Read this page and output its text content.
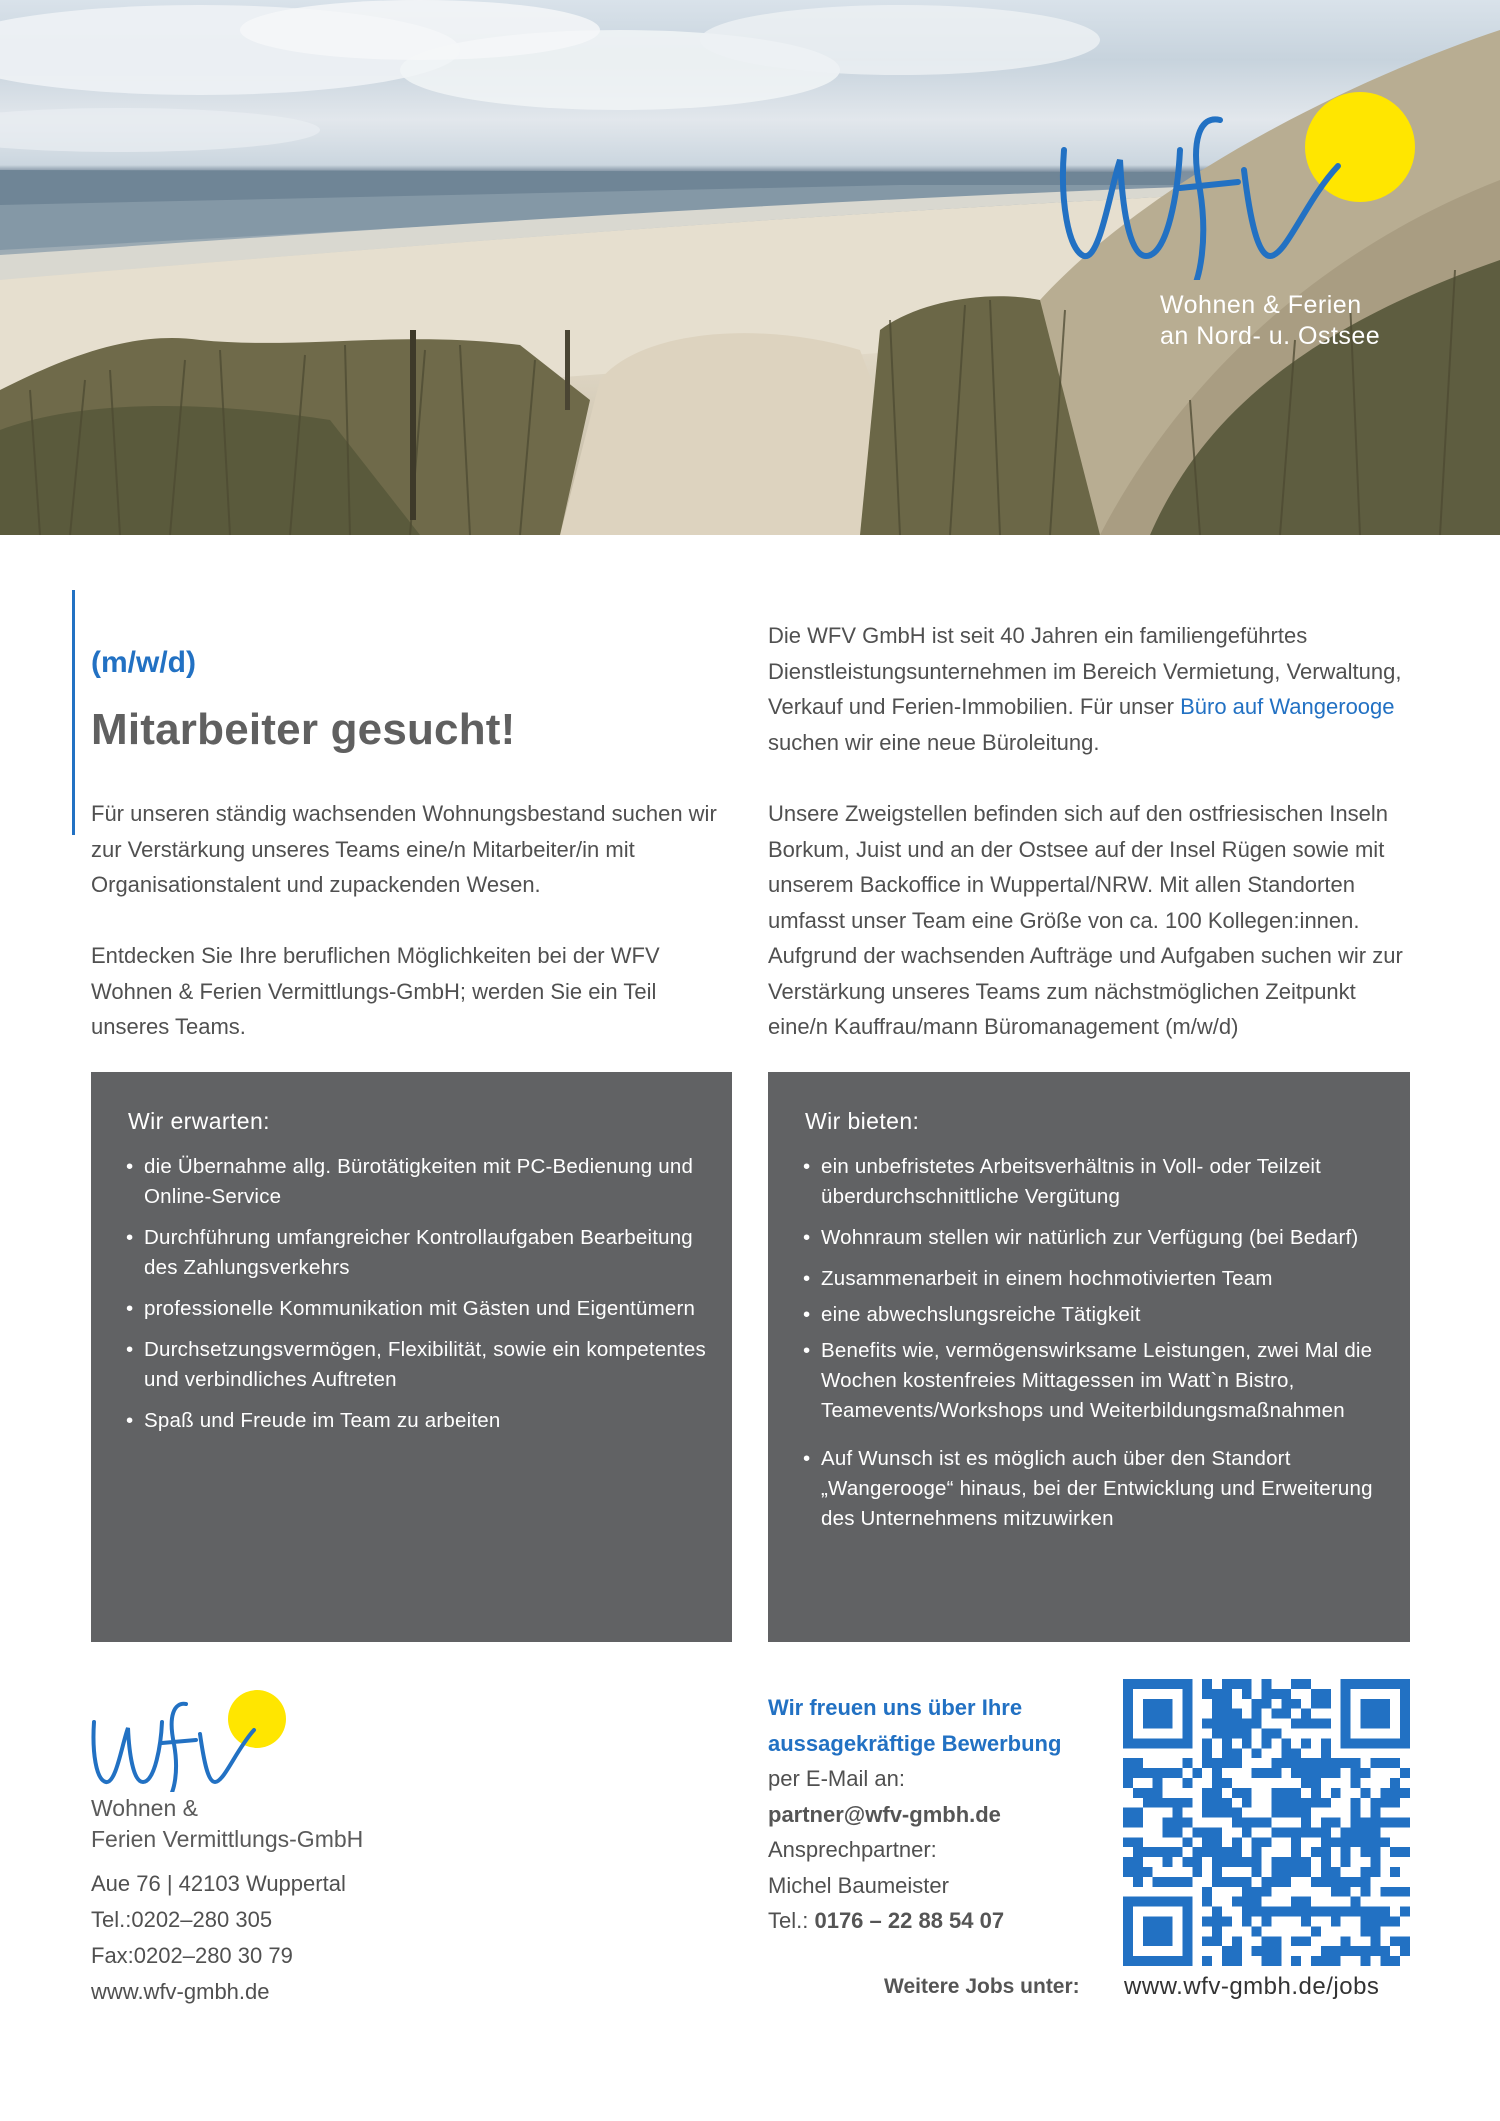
Wohnen & Ferien
an Nord- u. Ostsee
(m/w/d)
Mitarbeiter gesucht!
Für unseren ständig wachsenden Wohnungsbestand suchen wir zur Verstärkung unseres Teams eine/n Mitarbeiter/in mit Organisationstalent und zupackenden Wesen.
Entdecken Sie Ihre beruflichen Möglichkeiten bei der WFV Wohnen & Ferien Vermittlungs-GmbH; werden Sie ein Teil unseres Teams.
Die WFV GmbH ist seit 40 Jahren ein familiengeführtes Dienstleistungsunternehmen im Bereich Vermietung, Verwaltung, Verkauf und Ferien-Immobilien. Für unser Büro auf Wangerooge suchen wir eine neue Büroleitung.
Unsere Zweigstellen befinden sich auf den ostfriesischen Inseln Borkum, Juist und an der Ostsee auf der Insel Rügen sowie mit unserem Backoffice in Wuppertal/NRW. Mit allen Standorten umfasst unser Team eine Größe von ca. 100 Kollegen:innen. Aufgrund der wachsenden Aufträge und Aufgaben suchen wir zur Verstärkung unseres Teams zum nächstmöglichen Zeitpunkt eine/n Kauffrau/mann Büromanagement (m/w/d)
Wir erwarten:
• die Übernahme allg. Bürotätigkeiten mit PC-Bedienung und Online-Service
• Durchführung umfangreicher Kontrollaufgaben Bearbeitung des Zahlungsverkehrs
• professionelle Kommunikation mit Gästen und Eigentümern
• Durchsetzungsvermögen, Flexibilität, sowie ein kompetentes und verbindliches Auftreten
• Spaß und Freude im Team zu arbeiten
Wir bieten:
• ein unbefristetes Arbeitsverhältnis in Voll- oder Teilzeit überdurchschnittliche Vergütung
• Wohnraum stellen wir natürlich zur Verfügung (bei Bedarf)
• Zusammenarbeit in einem hochmotivierten Team
• eine abwechslungsreiche Tätigkeit
• Benefits wie, vermögenswirksame Leistungen, zwei Mal die Wochen kostenfreies Mittagessen im Watt`n Bistro, Teamevents/Workshops und Weiterbildungsmaßnahmen
• Auf Wunsch ist es möglich auch über den Standort „Wangerooge“ hinaus, bei der Entwicklung und Erweiterung des Unternehmens mitzuwirken
Wohnen &
Ferien Vermittlungs-GmbH
Aue 76 | 42103 Wuppertal
Tel.:0202–280 305
Fax:0202–280 30 79
www.wfv-gmbh.de
Wir freuen uns über Ihre
aussagekräftige Bewerbung
per E-Mail an:
partner@wfv-gmbh.de
Ansprechpartner:
Michel Baumeister
Tel.: 0176 – 22 88 54 07
Weitere Jobs unter: www.wfv-gmbh.de/jobs
